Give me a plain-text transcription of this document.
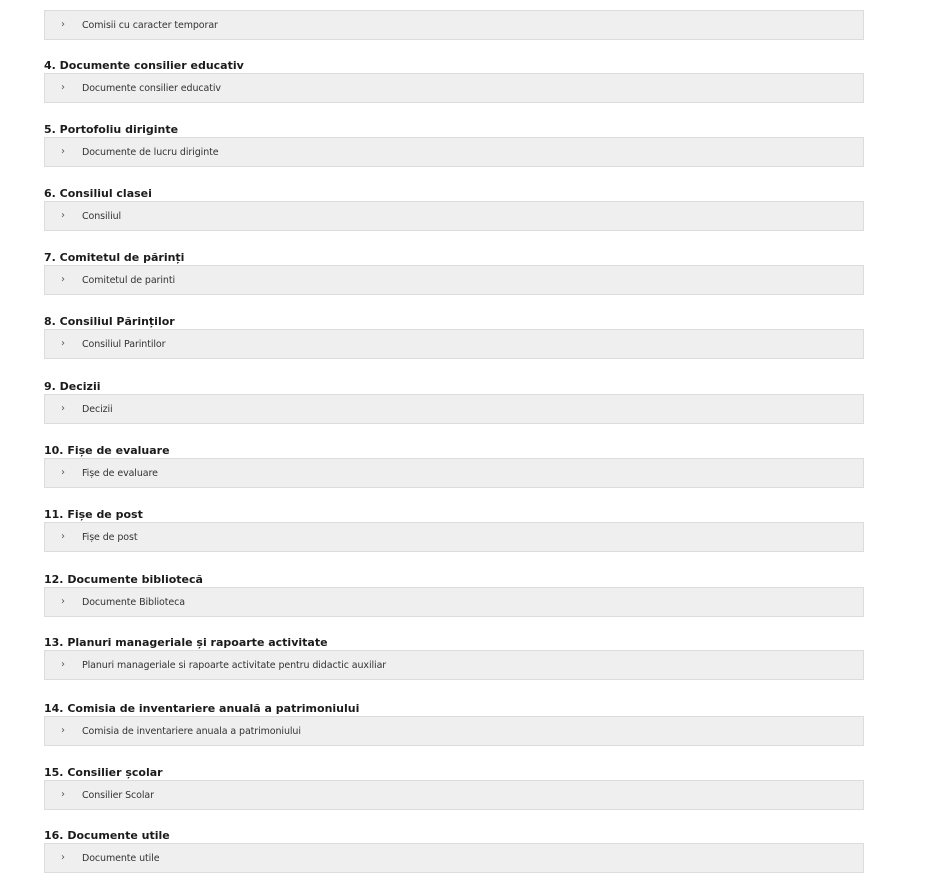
›	Comisii cu caracter temporar
4. Documente consilier educativ
›	Documente consilier educativ
5. Portofoliu diriginte
›	Documente de lucru diriginte
6. Consiliul clasei
›	Consiliul
7. Comitetul de părinți
›	Comitetul de parinti
8. Consiliul Părinților
›	Consiliul Parintilor
9. Decizii
›	Decizii
10. Fișe de evaluare
›	Fișe de evaluare
11. Fișe de post
›	Fișe de post
12. Documente bibliotecă
›	Documente Biblioteca
13. Planuri manageriale și rapoarte activitate
›	Planuri manageriale si rapoarte activitate pentru didactic auxiliar
14. Comisia de inventariere anuală a patrimoniului
›	Comisia de inventariere anuala a patrimoniului
15. Consilier școlar
›	Consilier Scolar
16. Documente utile
›	Documente utile
